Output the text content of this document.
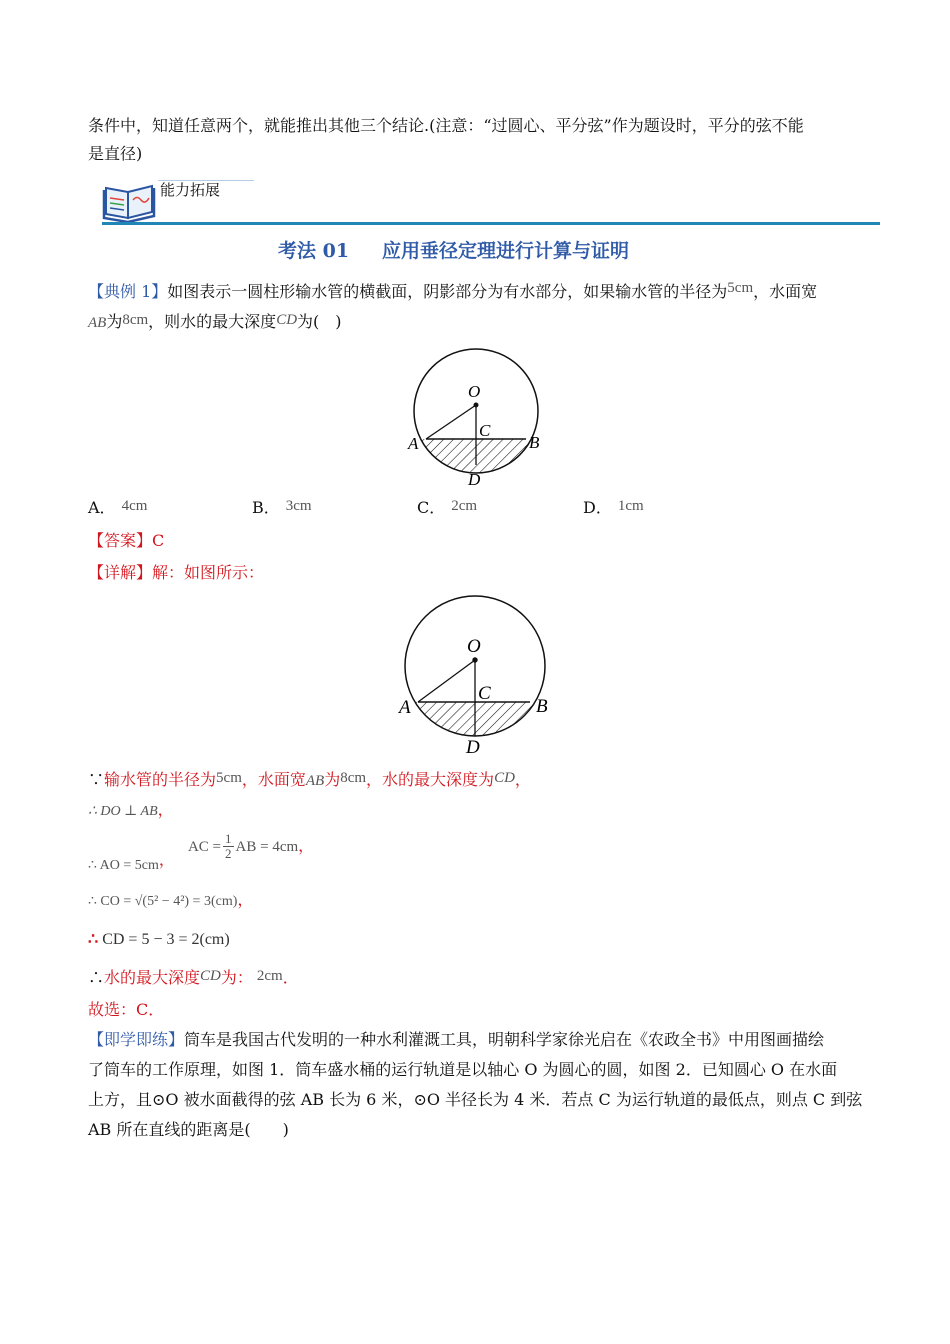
条件中，知道任意两个，就能推出其他三个结论.(注意：“过圆心、平分弦”作为题设时，平分的弦不能
是直径)
能力拓展
考法 01 应用垂径定理进行计算与证明
【典例 1】如图表示一圆柱形输水管的横截面，阴影部分为有水部分，如果输水管的半径为5cm，水面宽
AB为8cm，则水的最大深度CD为(　)
O
A	B
C
D
A． 4cm	B． 3cm	C． 2cm	D． 1cm
【答案】C
【详解】解：如图所示：
O
A	B
C
D
∵输水管的半径为5cm，水面宽AB为8cm，水的最大深度为CD，
∴ DO ⊥ AB，
∴ AO = 5cm， AC = $\frac{1}{2}$ AB = 4cm，
∴ CO = √(5² − 4²) = 3(cm)，
∴ CD = 5 − 3 = 2(cm)
∴水的最大深度CD为： 2cm．
故选：C．
【即学即练】筒车是我国古代发明的一种水利灌溉工具，明朝科学家徐光启在《农政全书》中用图画描绘
了筒车的工作原理，如图 1．筒车盛水桶的运行轨道是以轴心 O 为圆心的圆，如图 2．已知圆心 O 在水面
上方，且⊙O 被水面截得的弦 AB 长为 6 米，⊙O 半径长为 4 米．若点 C 为运行轨道的最低点，则点 C 到弦
AB 所在直线的距离是(　　)
